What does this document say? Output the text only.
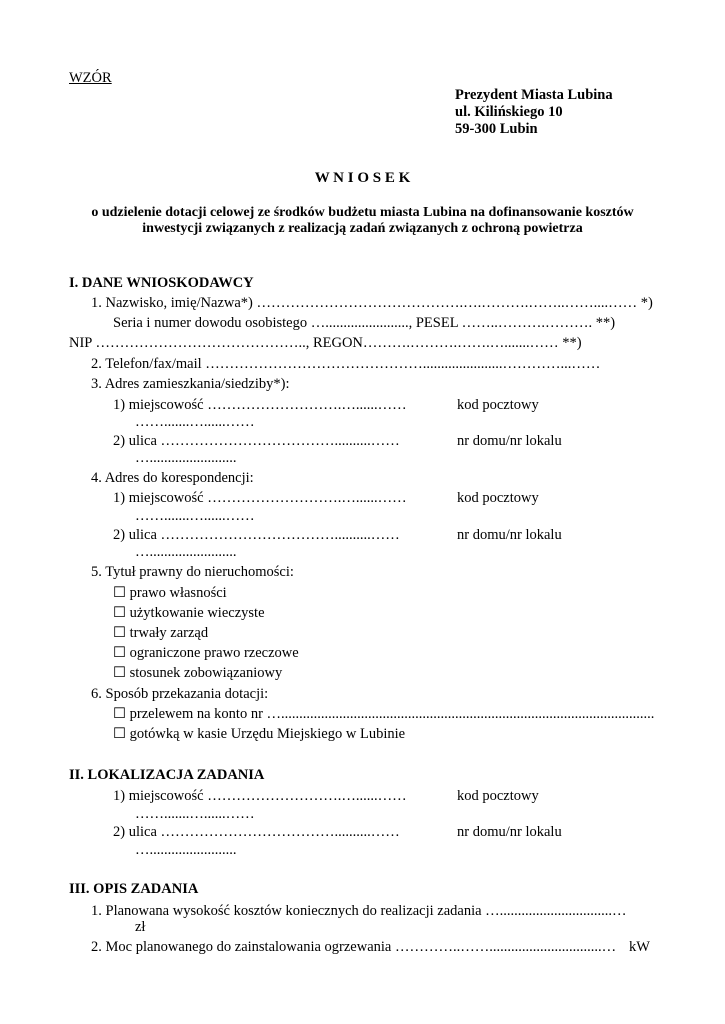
WZÓR
Prezydent Miasta Lubina
ul. Kilińskiego 10
59-300 Lubin
W N I O S E K
o udzielenie dotacji celowej ze środków budżetu miasta Lubina na dofinansowanie kosztów
inwestycji związanych z realizacją zadań związanych z ochroną powietrza
I. DANE WNIOSKODAWCY
1. Nazwisko, imię/Nazwa*) …………………………………….….……….……..……....…… *)
Seria i numer dowodu osobistego …......................., PESEL ……..……….………. **)
NIP …………………………………….., REGON……….……….…….….......…… **)
2. Telefon/fax/mail ………………………………………......................…………...……
3. Adres zamieszkania/siedziby*):
1) miejscowość ……………………….…......……	kod pocztowy
…….......…......……
2) ulica ………………………………..........……	nr domu/nr lokalu
…........................
4. Adres do korespondencji:
1) miejscowość ……………………….…......……	kod pocztowy
…….......…......……
2) ulica ………………………………..........……	nr domu/nr lokalu
…........................
5. Tytuł prawny do nieruchomości:
☐ prawo własności
☐ użytkowanie wieczyste
☐ trwały zarząd
☐ ograniczone prawo rzeczowe
☐ stosunek zobowiązaniowy
6. Sposób przekazania dotacji:
☐ przelewem na konto nr ….......................................................................................................
☐ gotówką w kasie Urzędu Miejskiego w Lubinie
II. LOKALIZACJA ZADANIA
1) miejscowość ……………………….…......……	kod pocztowy
…….......…......……
2) ulica ………………………………..........……	nr domu/nr lokalu
…........................
III. OPIS ZADANIA
1. Planowana wysokość kosztów koniecznych do realizacji zadania …...............................…
zł
2. Moc planowanego do zainstalowania ogrzewania …………..……...............................… kW
